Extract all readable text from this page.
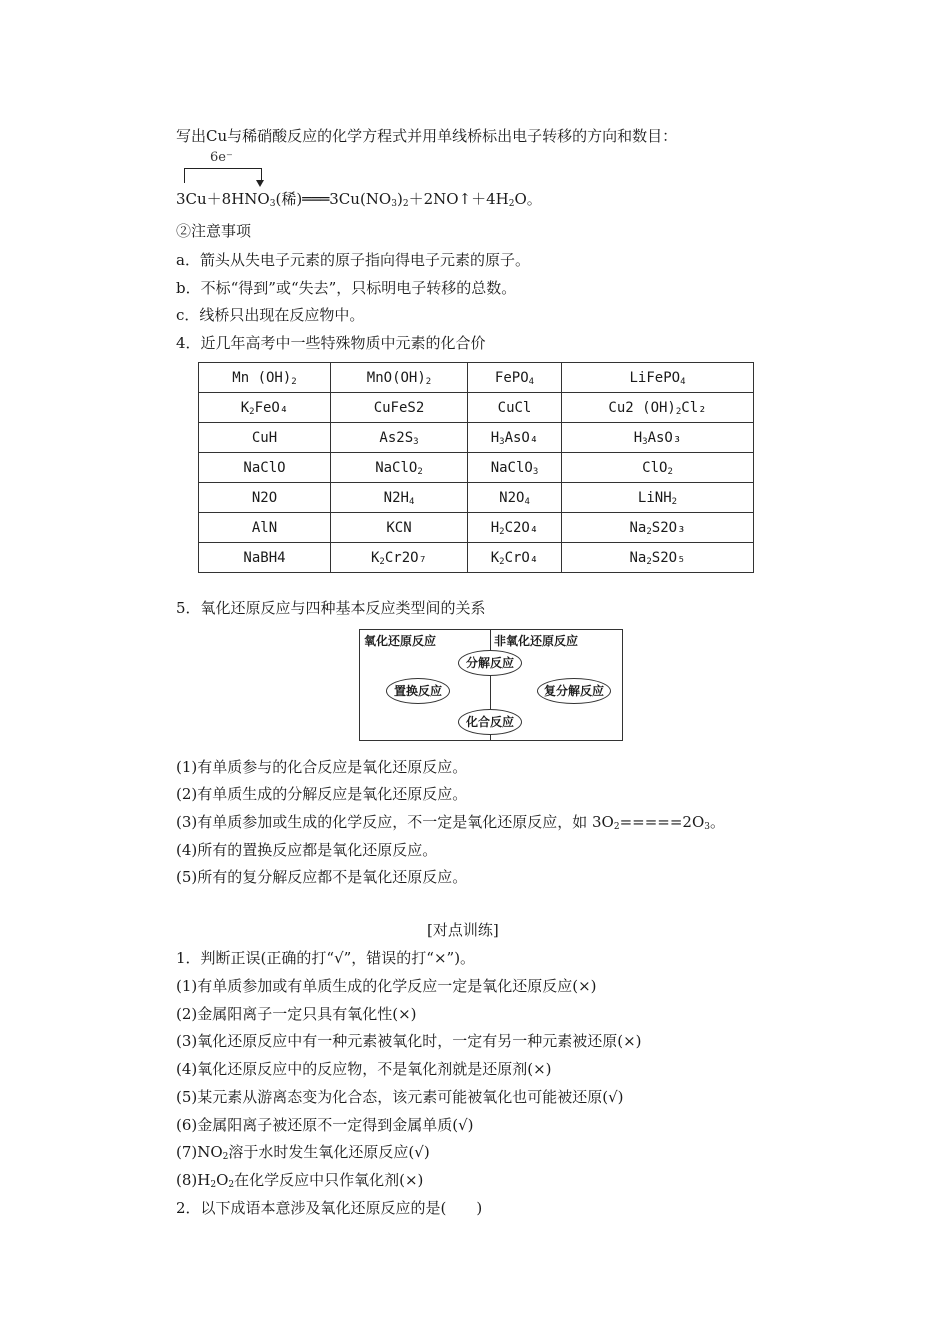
写出Cu与稀硝酸反应的化学方程式并用单线桥标出电子转移的方向和数目：
6e⁻
$3Cu+8HNO_3$(稀)$═══3Cu(NO_3)_2+2NO↑+4H_2O$。
②注意事项
a．箭头从失电子元素的原子指向得电子元素的原子。
b．不标“得到”或“失去”，只标明电子转移的总数。
c．线桥只出现在反应物中。
4．近几年高考中一些特殊物质中元素的化合价
Mn $(OH)_2$	$MnO(OH)_2$	FePO$_4$	LiFePO$_4$
$K_2FeO_4$	CuFeS2	CuCl	Cu2 $(OH)_2Cl_2$
CuH	$As2S_3$	$H_3AsO_4$	$H_3AsO_3$
NaClO	NaClO$_2$	NaClO$_3$	ClO$_2$
N2O	$N2H_4$	$N2O_4$	LiNH$_2$
AlN	KCN	$H_2C2O_4$	$Na_2S2O_3$
NaBH4	$K_2Cr2O_7$	$K_2CrO_4$	$Na_2S2O_5$
5．氧化还原反应与四种基本反应类型间的关系
氧化还原反应	非氧化还原反应
分解反应
置换反应	复分解反应
化合反应
(1)有单质参与的化合反应是氧化还原反应。
(2)有单质生成的分解反应是氧化还原反应。
(3)有单质参加或生成的化学反应，不一定是氧化还原反应，如 $3O_2=====2O_3$。
(4)所有的置换反应都是氧化还原反应。
(5)所有的复分解反应都不是氧化还原反应。
[对点训练]
1．判断正误(正确的打“√”，错误的打“×”)。
(1)有单质参加或有单质生成的化学反应一定是氧化还原反应(×)
(2)金属阳离子一定只具有氧化性(×)
(3)氧化还原反应中有一种元素被氧化时，一定有另一种元素被还原(×)
(4)氧化还原反应中的反应物，不是氧化剂就是还原剂(×)
(5)某元素从游离态变为化合态，该元素可能被氧化也可能被还原(√)
(6)金属阳离子被还原不一定得到金属单质(√)
$(7)NO_2$溶于水时发生氧化还原反应(√)
$(8)H_2O_2$在化学反应中只作氧化剂(×)
2．以下成语本意涉及氧化还原反应的是(　　)
